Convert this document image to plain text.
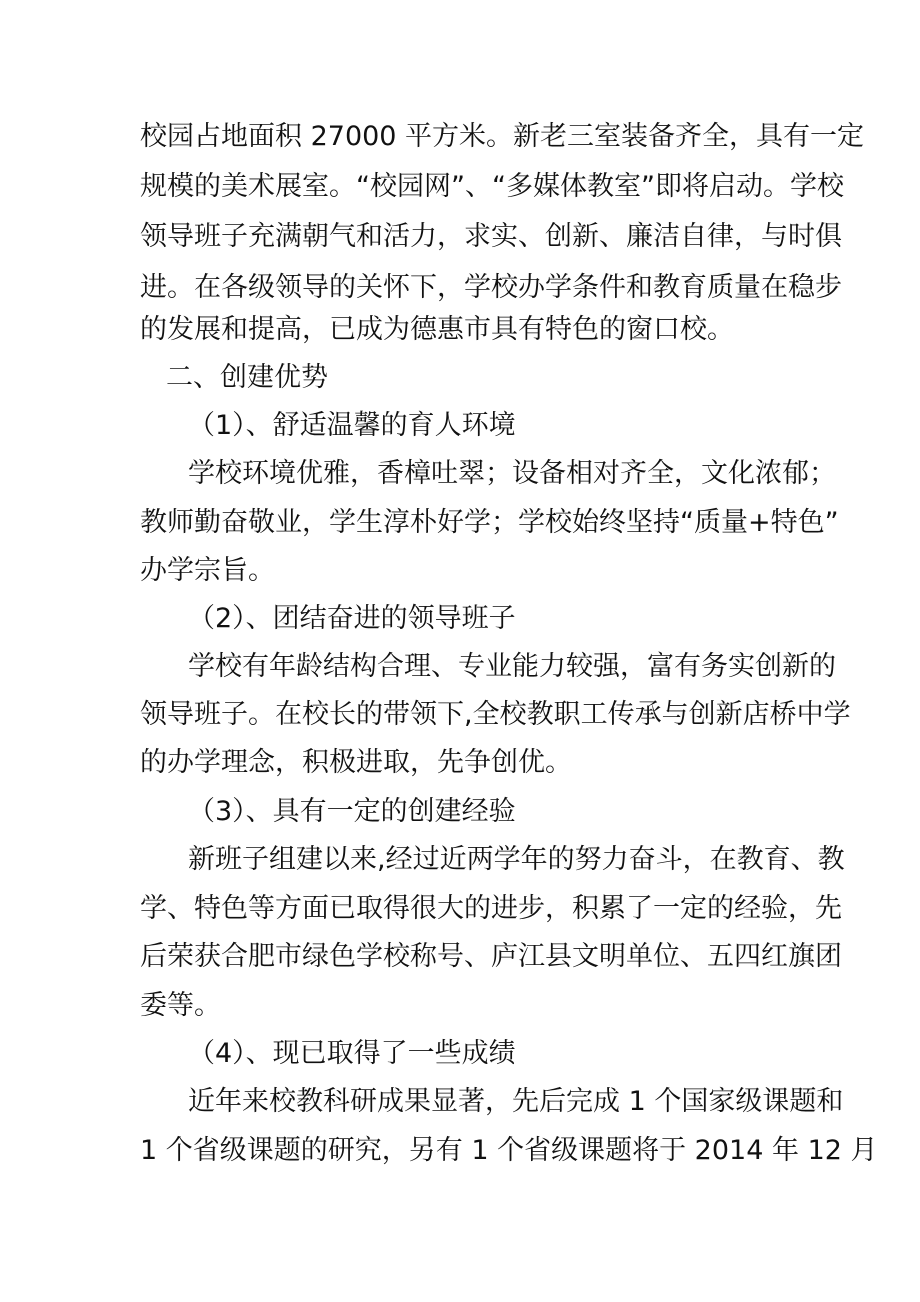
校园占地面积 27000 平方米。新老三室装备齐全，具有一定
规模的美术展室。“校园网”、“多媒体教室”即将启动。学校
领导班子充满朝气和活力，求实、创新、廉洁自律，与时俱
进。在各级领导的关怀下，学校办学条件和教育质量在稳步
的发展和提高，已成为德惠市具有特色的窗口校。
二、创建优势
（1）、舒适温馨的育人环境
学校环境优雅，香樟吐翠；设备相对齐全，文化浓郁；
教师勤奋敬业，学生淳朴好学；学校始终坚持“质量+特色”
办学宗旨。
（2）、团结奋进的领导班子
学校有年龄结构合理、专业能力较强，富有务实创新的
领导班子。在校长的带领下,全校教职工传承与创新店桥中学
的办学理念，积极进取，先争创优。
（3）、具有一定的创建经验
新班子组建以来,经过近两学年的努力奋斗，在教育、教
学、特色等方面已取得很大的进步，积累了一定的经验，先
后荣获合肥市绿色学校称号、庐江县文明单位、五四红旗团
委等。
（4）、现已取得了一些成绩
近年来校教科研成果显著，先后完成 1 个国家级课题和
1 个省级课题的研究，另有 1 个省级课题将于 2014 年 12 月
